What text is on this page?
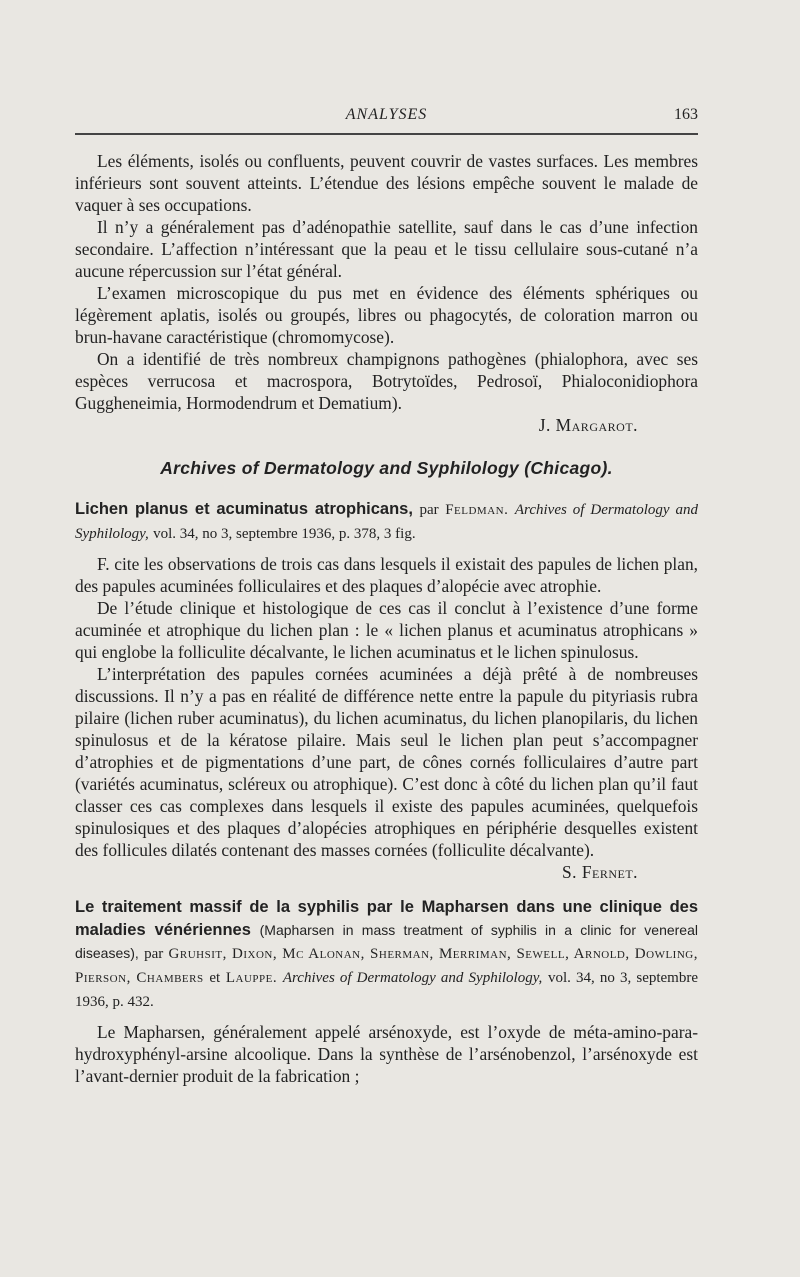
ANALYSES	163

Les éléments, isolés ou confluents, peuvent couvrir de vastes surfaces. Les membres inférieurs sont souvent atteints. L’étendue des lésions empêche souvent le malade de vaquer à ses occupations.

Il n’y a généralement pas d’adénopathie satellite, sauf dans le cas d’une infection secondaire. L’affection n’intéressant que la peau et le tissu cellulaire sous-cutané n’a aucune répercussion sur l’état général.

L’examen microscopique du pus met en évidence des éléments sphériques ou légèrement aplatis, isolés ou groupés, libres ou phagocytés, de coloration marron ou brun-havane caractéristique (chromomycose).

On a identifié de très nombreux champignons pathogènes (phialophora, avec ses espèces verrucosa et macrospora, Botrytoïdes, Pedrosoï, Phialoconidiophora Guggheneimia, Hormodendrum et Dematium).

J. Margarot.
Archives of Dermatology and Syphilology (Chicago).
Lichen planus et acuminatus atrophicans, par Feldman. Archives of Dermatology and Syphilology, vol. 34, no 3, septembre 1936, p. 378, 3 fig.

F. cite les observations de trois cas dans lesquels il existait des papules de lichen plan, des papules acuminées folliculaires et des plaques d’alopécie avec atrophie.

De l’étude clinique et histologique de ces cas il conclut à l’existence d’une forme acuminée et atrophique du lichen plan : le « lichen planus et acuminatus atrophicans » qui englobe la folliculite décalvante, le lichen acuminatus et le lichen spinulosus.

L’interprétation des papules cornées acuminées a déjà prêté à de nombreuses discussions. Il n’y a pas en réalité de différence nette entre la papule du pityriasis rubra pilaire (lichen ruber acuminatus), du lichen acuminatus, du lichen planopilaris, du lichen spinulosus et de la kératose pilaire. Mais seul le lichen plan peut s’accompagner d’atrophies et de pigmentations d’une part, de cônes cornés folliculaires d’autre part (variétés acuminatus, scléreux ou atrophique). C’est donc à côté du lichen plan qu’il faut classer ces cas complexes dans lesquels il existe des papules acuminées, quelquefois spinulosiques et des plaques d’alopécies atrophiques en périphérie desquelles existent des follicules dilatés contenant des masses cornées (folliculite décalvante).

S. Fernet.
Le traitement massif de la syphilis par le Mapharsen dans une clinique des maladies vénériennes (Mapharsen in mass treatment of syphilis in a clinic for venereal diseases), par Gruhsit, Dixon, Mc Alonan, Sherman, Merriman, Sewell, Arnold, Dowling, Pierson, Chambers et Lauppe. Archives of Dermatology and Syphilology, vol. 34, no 3, septembre 1936, p. 432.

Le Mapharsen, généralement appelé arsénoxyde, est l’oxyde de méta-amino-para-hydroxyphényl-arsine alcoolique. Dans la synthèse de l’arsénobenzol, l’arsénoxyde est l’avant-dernier produit de la fabrication ;
